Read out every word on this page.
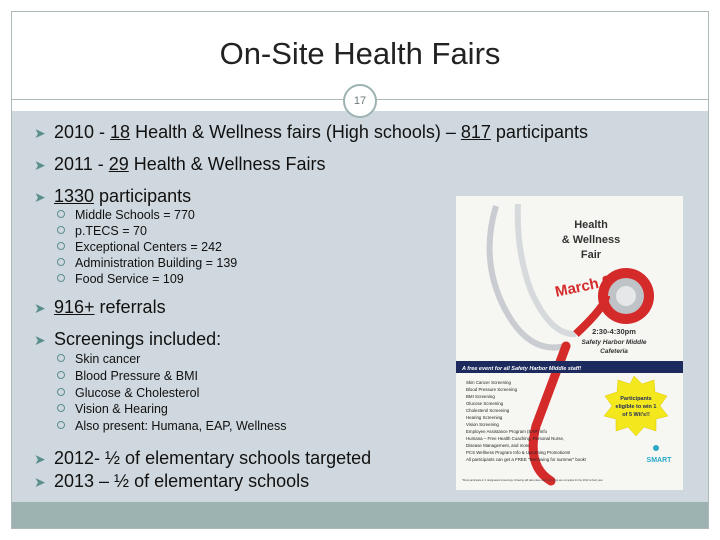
On-Site Health Fairs
17
➤ 2010 - 18 Health & Wellness fairs (High schools) – 817 participants
➤ 2011 - 29 Health & Wellness Fairs
➤ 1330 participants
Middle Schools = 770
p.TECS = 70
Exceptional Centers = 242
Administration Building = 139
Food Service = 109
➤ 916+ referrals
➤ Screenings included:
Skin cancer
Blood Pressure & BMI
Glucose & Cholesterol
Vision & Hearing
Also present: Humana, EAP, Wellness
➤ 2012- ½ of elementary schools targeted
➤ 2013 – ½ of elementary schools
Health
& Wellness
Fair
March 9
2:30-4:30pm
Safety Harbor Middle
Cafeteria
A free event for all Safety Harbor Middle staff!
Skin Cancer Screening
Blood Pressure Screening
BMI Screening
Glucose Screening
Cholesterol Screening
Hearing Screening
Vision Screening
Employee Assistance Program (EAP) info
Humana – Free Health Coaching, Personal Nurse,
Disease Management, and more
PCS Wellness Program Info & Upcoming Promotions!
All participants can get a FREE “feel-swing for summer” book!
Participants
eligible to win 1
of 5 Wii’s!!
SMART
*Must participate in 3 designated screenings. Drawing will take place after all events are complete for the 2012 school year.
